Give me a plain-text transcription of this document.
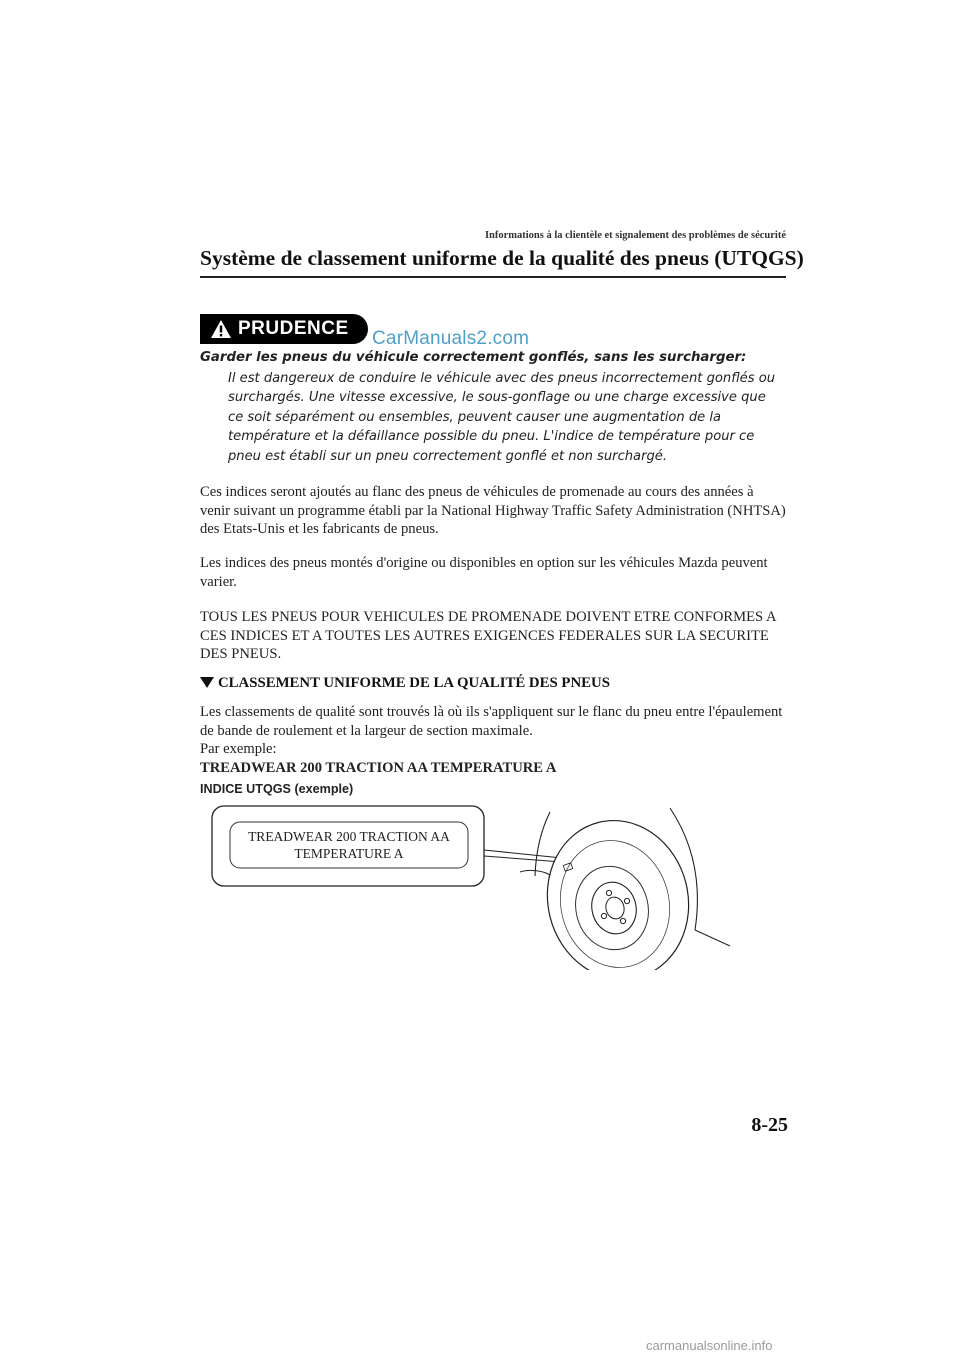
Informations à la clientèle et signalement des problèmes de sécurité
Système de classement uniforme de la qualité des pneus (UTQGS)
PRUDENCE CarManuals2.com
Garder les pneus du véhicule correctement gonflés, sans les surcharger:
Il est dangereux de conduire le véhicule avec des pneus incorrectement gonflés ou surchargés. Une vitesse excessive, le sous-gonflage ou une charge excessive que ce soit séparément ou ensembles, peuvent causer une augmentation de la température et la défaillance possible du pneu. L'indice de température pour ce pneu est établi sur un pneu correctement gonflé et non surchargé.
Ces indices seront ajoutés au flanc des pneus de véhicules de promenade au cours des années à venir suivant un programme établi par la National Highway Traffic Safety Administration (NHTSA) des Etats-Unis et les fabricants de pneus.
Les indices des pneus montés d'origine ou disponibles en option sur les véhicules Mazda peuvent varier.
TOUS LES PNEUS POUR VEHICULES DE PROMENADE DOIVENT ETRE CONFORMES A CES INDICES ET A TOUTES LES AUTRES EXIGENCES FEDERALES SUR LA SECURITE DES PNEUS.
CLASSEMENT UNIFORME DE LA QUALITÉ DES PNEUS
Les classements de qualité sont trouvés là où ils s'appliquent sur le flanc du pneu entre l'épaulement de bande de roulement et la largeur de section maximale.
Par exemple:
TREADWEAR 200 TRACTION AA TEMPERATURE A
INDICE UTQGS (exemple)
TREADWEAR 200 TRACTION AA
TEMPERATURE A
8-25
carmanualsonline.info
